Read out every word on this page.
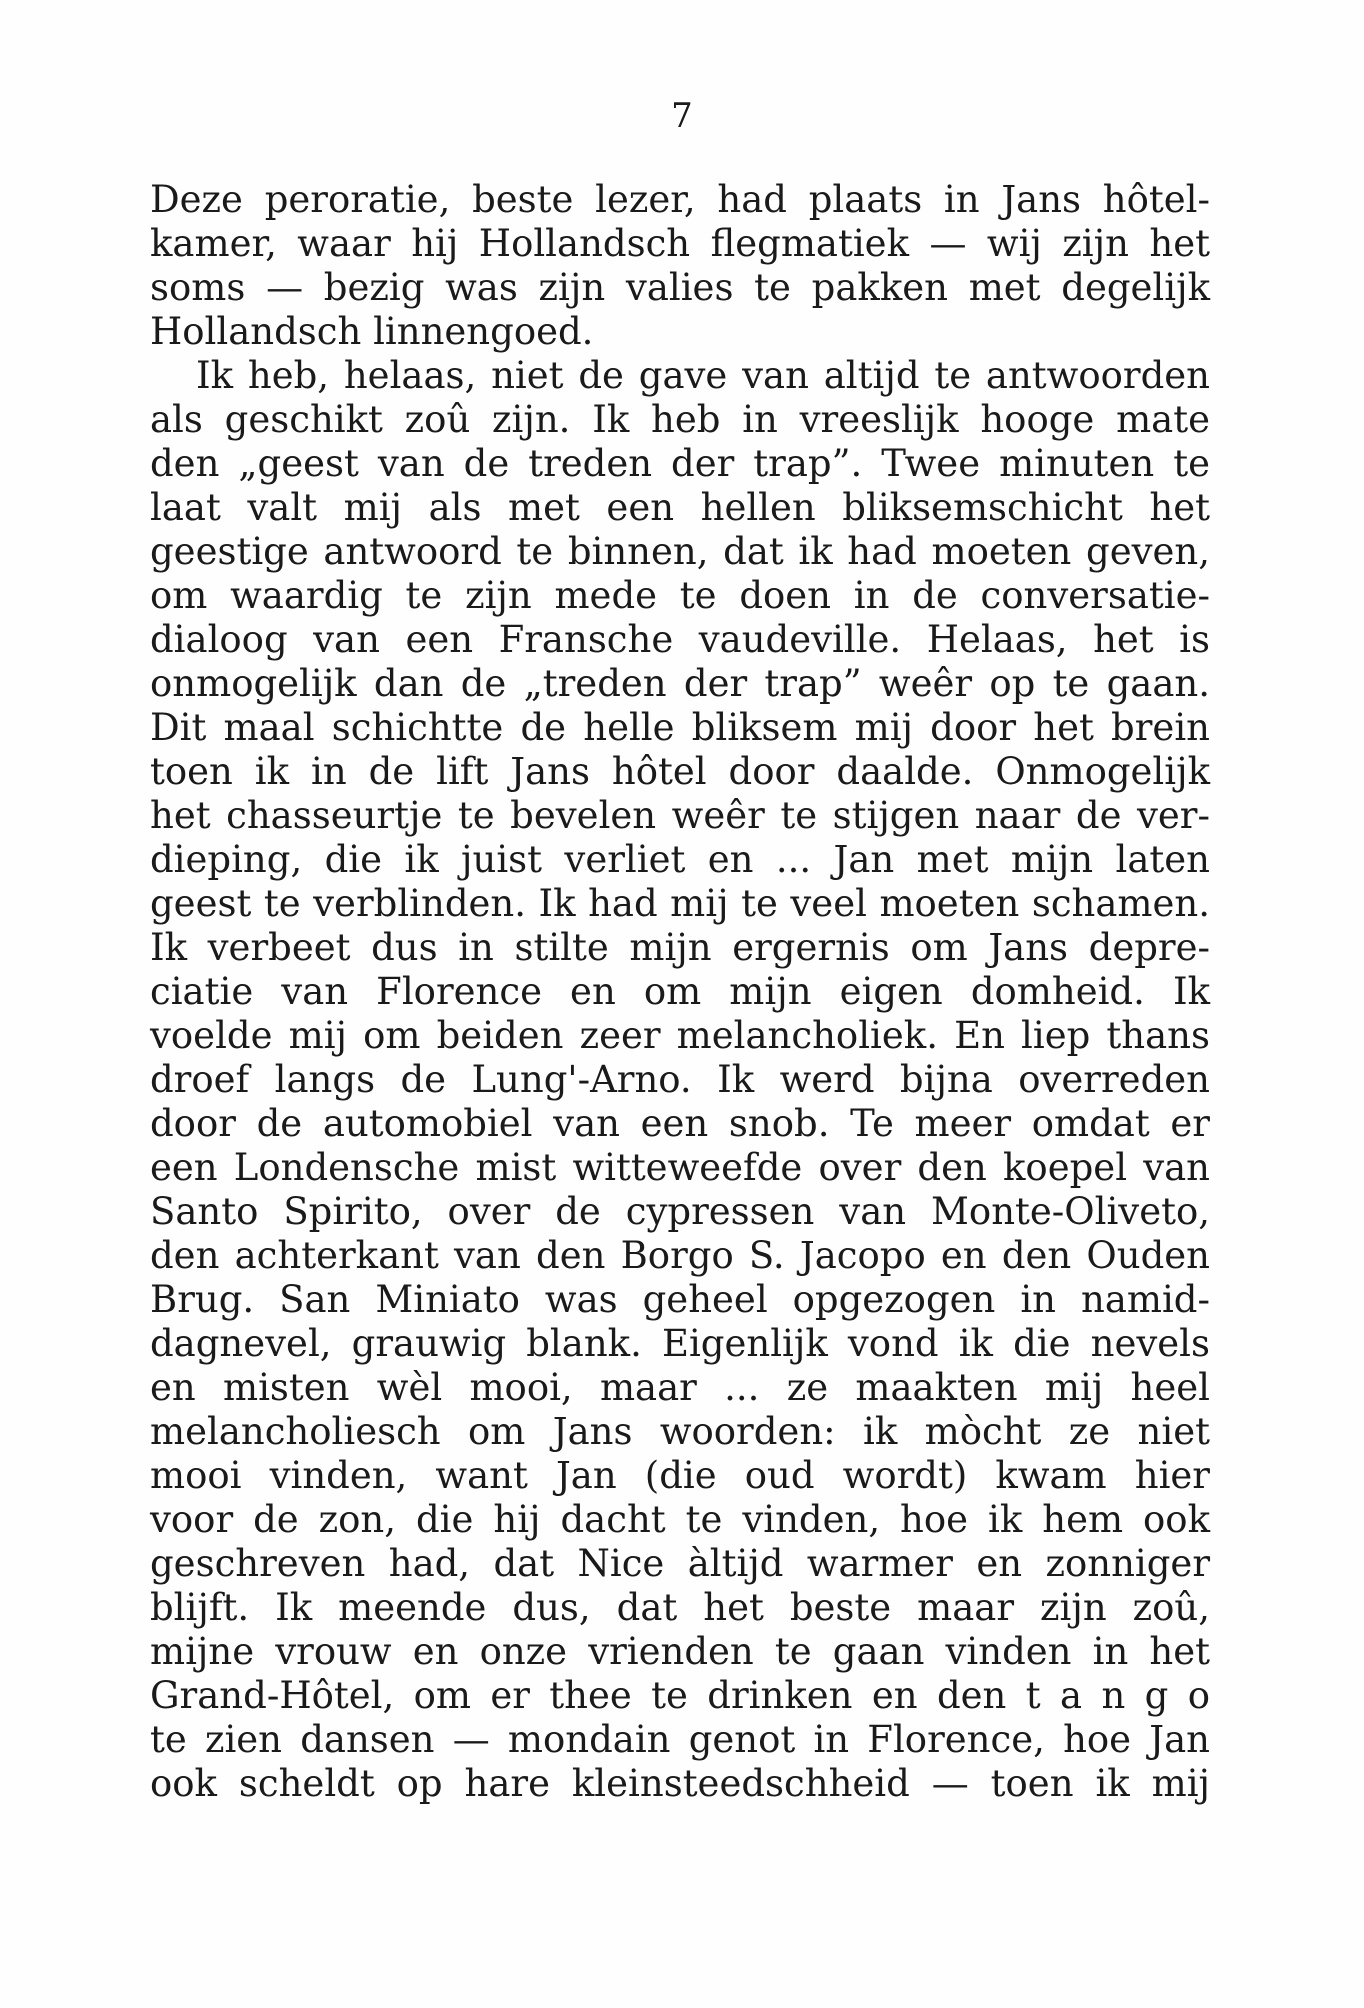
7
Deze peroratie, beste lezer, had plaats in Jans hôtel-
kamer, waar hij Hollandsch flegmatiek — wij zijn het
soms — bezig was zijn valies te pakken met degelijk
Hollandsch linnengoed.
Ik heb, helaas, niet de gave van altijd te antwoorden
als geschikt zoû zijn. Ik heb in vreeslijk hooge mate
den „geest van de treden der trap”. Twee minuten te
laat valt mij als met een hellen bliksemschicht het
geestige antwoord te binnen, dat ik had moeten geven,
om waardig te zijn mede te doen in de conversatie-
dialoog van een Fransche vaudeville. Helaas, het is
onmogelijk dan de „treden der trap” weêr op te gaan.
Dit maal schichtte de helle bliksem mij door het brein
toen ik in de lift Jans hôtel door daalde. Onmogelijk
het chasseurtje te bevelen weêr te stijgen naar de ver-
dieping, die ik juist verliet en ... Jan met mijn laten
geest te verblinden. Ik had mij te veel moeten schamen.
Ik verbeet dus in stilte mijn ergernis om Jans depre-
ciatie van Florence en om mijn eigen domheid. Ik
voelde mij om beiden zeer melancholiek. En liep thans
droef langs de Lung'-Arno. Ik werd bijna overreden
door de automobiel van een snob. Te meer omdat er
een Londensche mist witteweefde over den koepel van
Santo Spirito, over de cypressen van Monte-Oliveto,
den achterkant van den Borgo S. Jacopo en den Ouden
Brug. San Miniato was geheel opgezogen in namid-
dagnevel, grauwig blank. Eigenlijk vond ik die nevels
en misten wèl mooi, maar ... ze maakten mij heel
melancholiesch om Jans woorden: ik mòcht ze niet
mooi vinden, want Jan (die oud wordt) kwam hier
voor de zon, die hij dacht te vinden, hoe ik hem ook
geschreven had, dat Nice àltijd warmer en zonniger
blijft. Ik meende dus, dat het beste maar zijn zoû,
mijne vrouw en onze vrienden te gaan vinden in het
Grand-Hôtel, om er thee te drinken en den t a n g o
te zien dansen — mondain genot in Florence, hoe Jan
ook scheldt op hare kleinsteedschheid — toen ik mij
